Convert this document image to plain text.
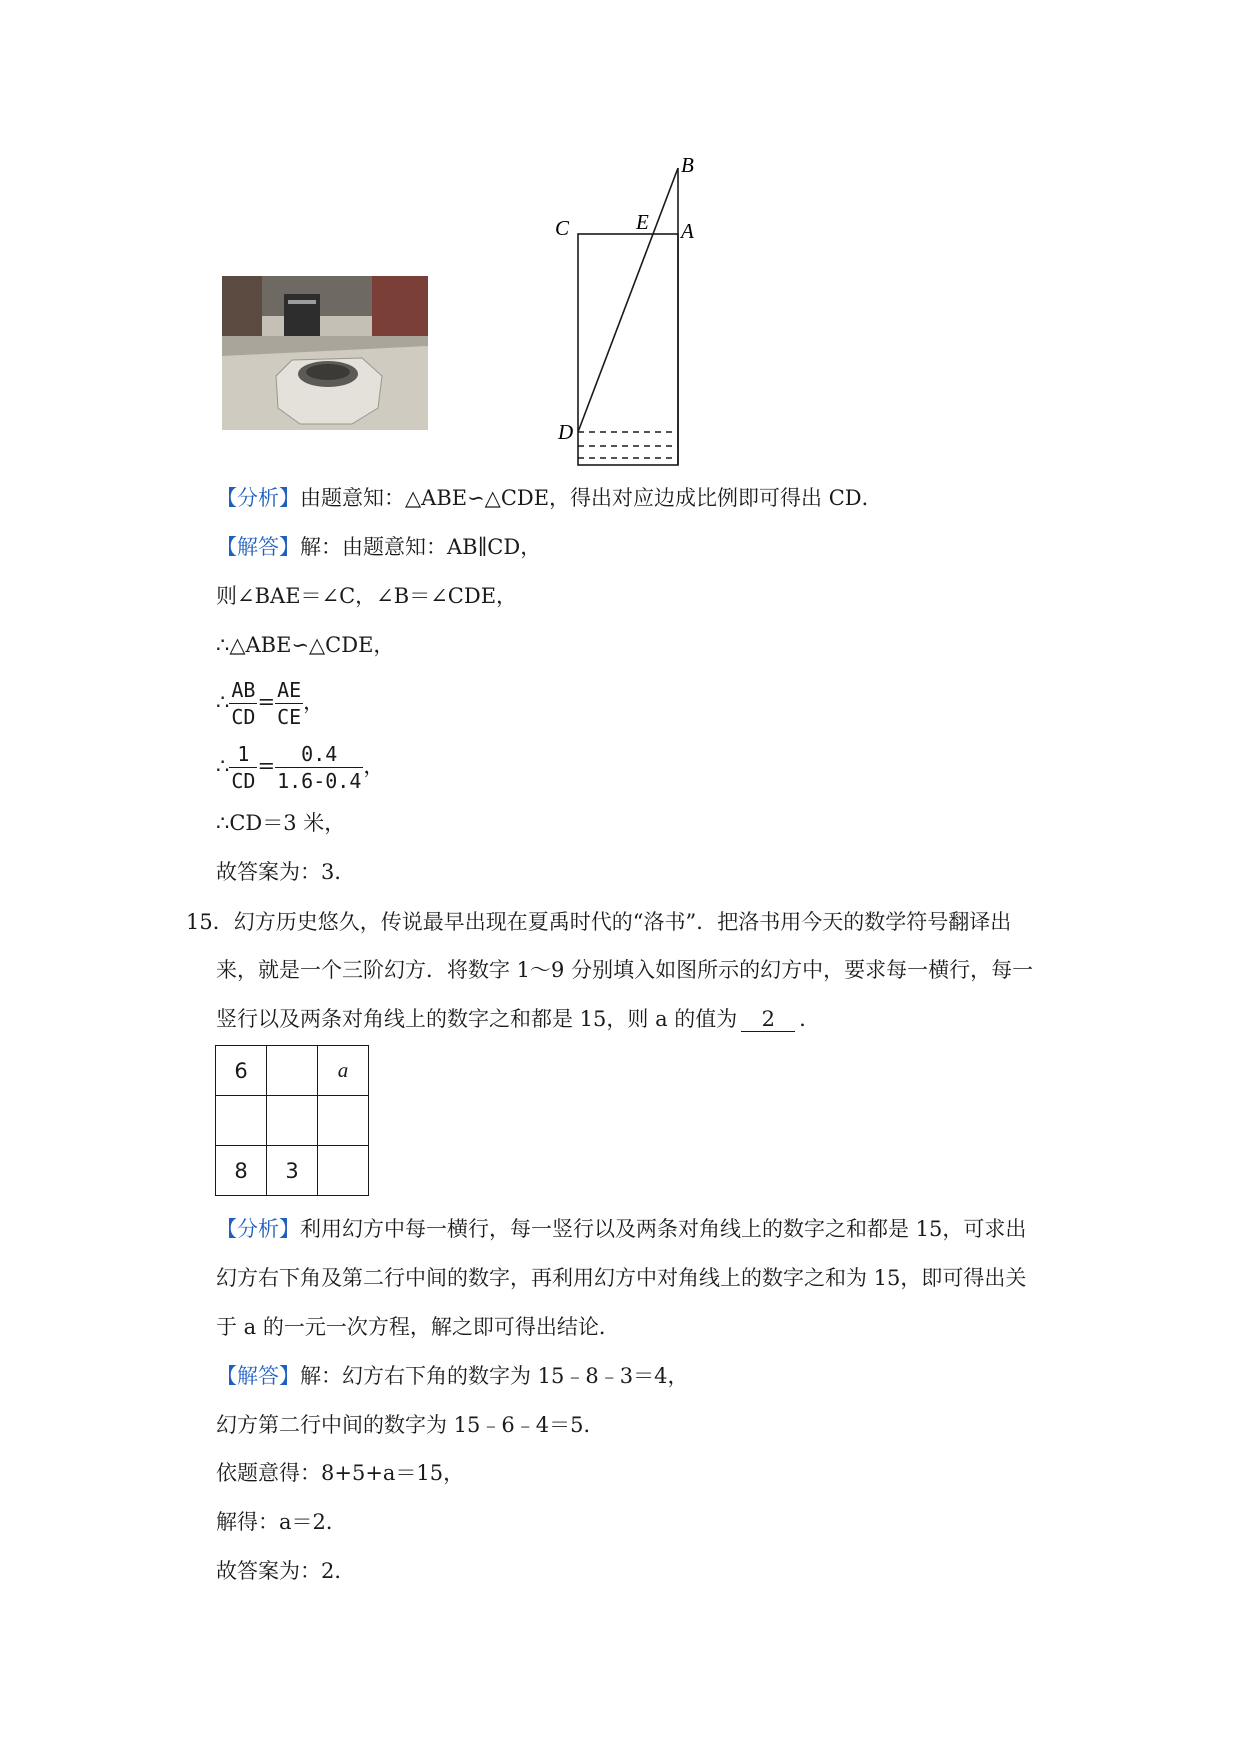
B
C	E A
D
【分析】由题意知：△ABE∽△CDE，得出对应边成比例即可得出 CD．
【解答】解：由题意知：AB∥CD，
则∠BAE＝∠C，∠B＝∠CDE，
∴△ABE∽△CDE，
∴ $\frac{AB}{CD} = \frac{AE}{CE}$ ，
∴ $\frac{1}{CD} = \frac{0.4}{1.6-0.4}$ ，
∴CD＝3 米，
故答案为：3．
15．幻方历史悠久，传说最早出现在夏禹时代的“洛书”．把洛书用今天的数学符号翻译出
来，就是一个三阶幻方．将数字 1～9 分别填入如图所示的幻方中，要求每一横行，每一
竖行以及两条对角线上的数字之和都是 15，则 a 的值为 2 ．
6		a

8	3	
【分析】利用幻方中每一横行，每一竖行以及两条对角线上的数字之和都是 15，可求出
幻方右下角及第二行中间的数字，再利用幻方中对角线上的数字之和为 15，即可得出关
于 a 的一元一次方程，解之即可得出结论．
【解答】解：幻方右下角的数字为 15﹣8﹣3＝4，
幻方第二行中间的数字为 15﹣6﹣4＝5．
依题意得：8+5+a＝15，
解得：a＝2．
故答案为：2．
